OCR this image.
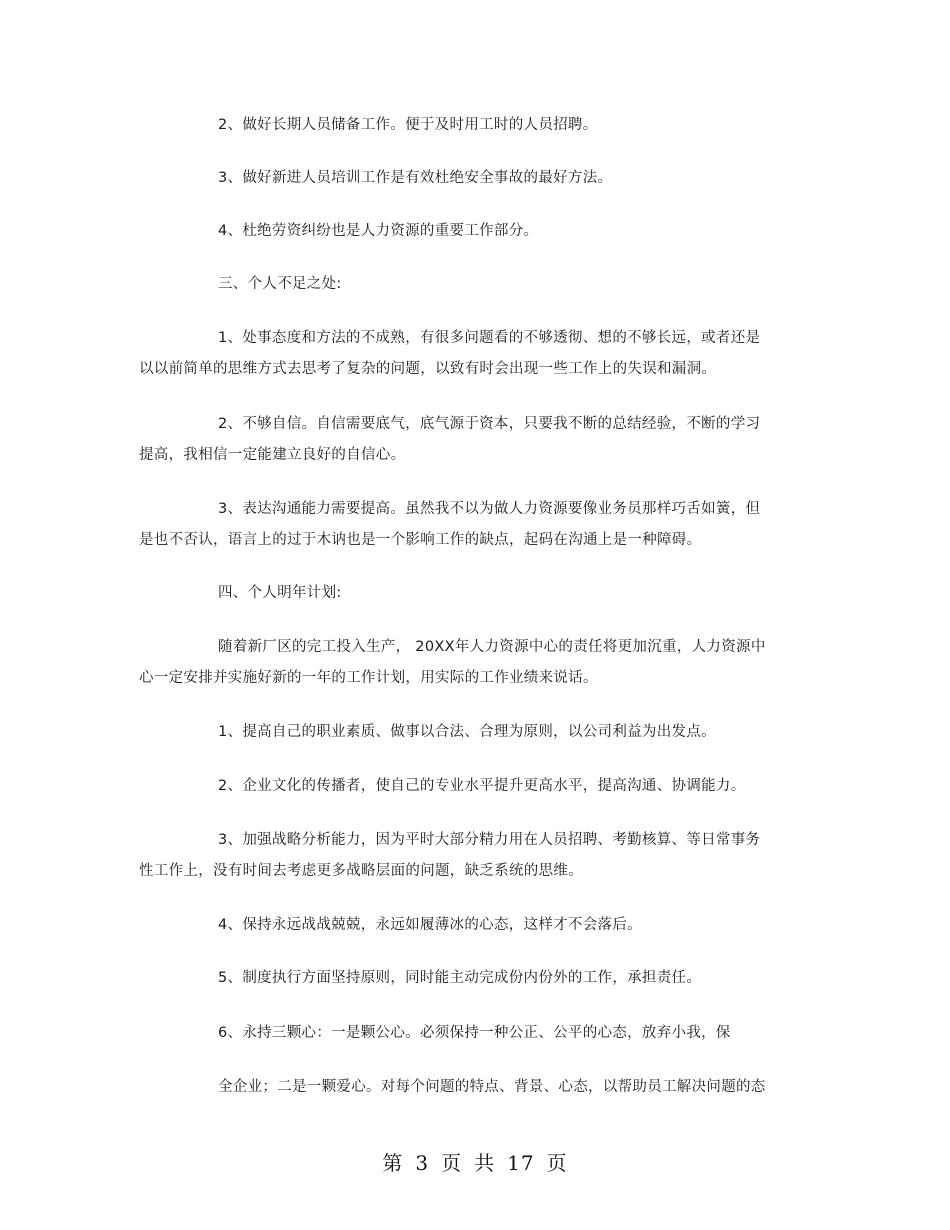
2、做好长期人员储备工作。便于及时用工时的人员招聘。
3、做好新进人员培训工作是有效杜绝安全事故的最好方法。
4、杜绝劳资纠纷也是人力资源的重要工作部分。
三、个人不足之处:
1、处事态度和方法的不成熟，有很多问题看的不够透彻、想的不够长远，或者还是
以以前简单的思维方式去思考了复杂的问题，以致有时会出现一些工作上的失误和漏洞。
2、不够自信。自信需要底气，底气源于资本，只要我不断的总结经验，不断的学习
提高，我相信一定能建立良好的自信心。
3、表达沟通能力需要提高。虽然我不以为做人力资源要像业务员那样巧舌如簧，但
是也不否认，语言上的过于木讷也是一个影响工作的缺点，起码在沟通上是一种障碍。
四、个人明年计划:
随着新厂区的完工投入生产， 20XX年人力资源中心的责任将更加沉重，人力资源中
心一定安排并实施好新的一年的工作计划，用实际的工作业绩来说话。
1、提高自己的职业素质、做事以合法、合理为原则，以公司利益为出发点。
2、企业文化的传播者，使自己的专业水平提升更高水平，提高沟通、协调能力。
3、加强战略分析能力，因为平时大部分精力用在人员招聘、考勤核算、等日常事务
性工作上，没有时间去考虑更多战略层面的问题，缺乏系统的思维。
4、保持永远战战兢兢，永远如履薄冰的心态，这样才不会落后。
5、制度执行方面坚持原则，同时能主动完成份内份外的工作，承担责任。
6、永持三颗心：一是颗公心。必须保持一种公正、公平的心态，放弃小我，保
全企业；二是一颗爱心。对每个问题的特点、背景、心态，以帮助员工解决问题的态
第 3 页 共 17 页
